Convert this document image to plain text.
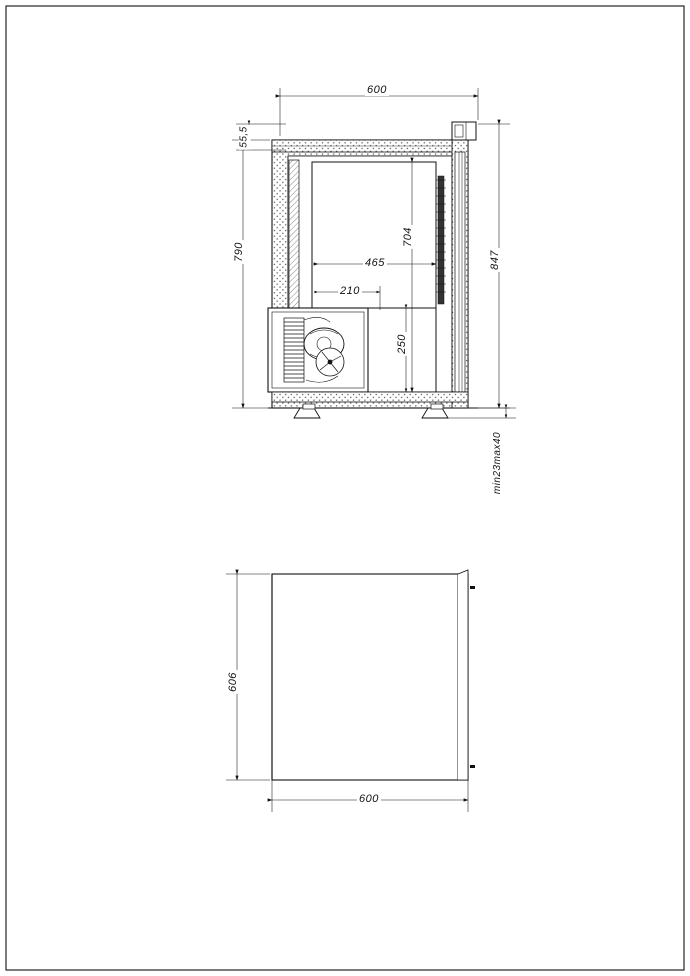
600
55,5
790	847
704
465
210
250
min23max40
606
600
